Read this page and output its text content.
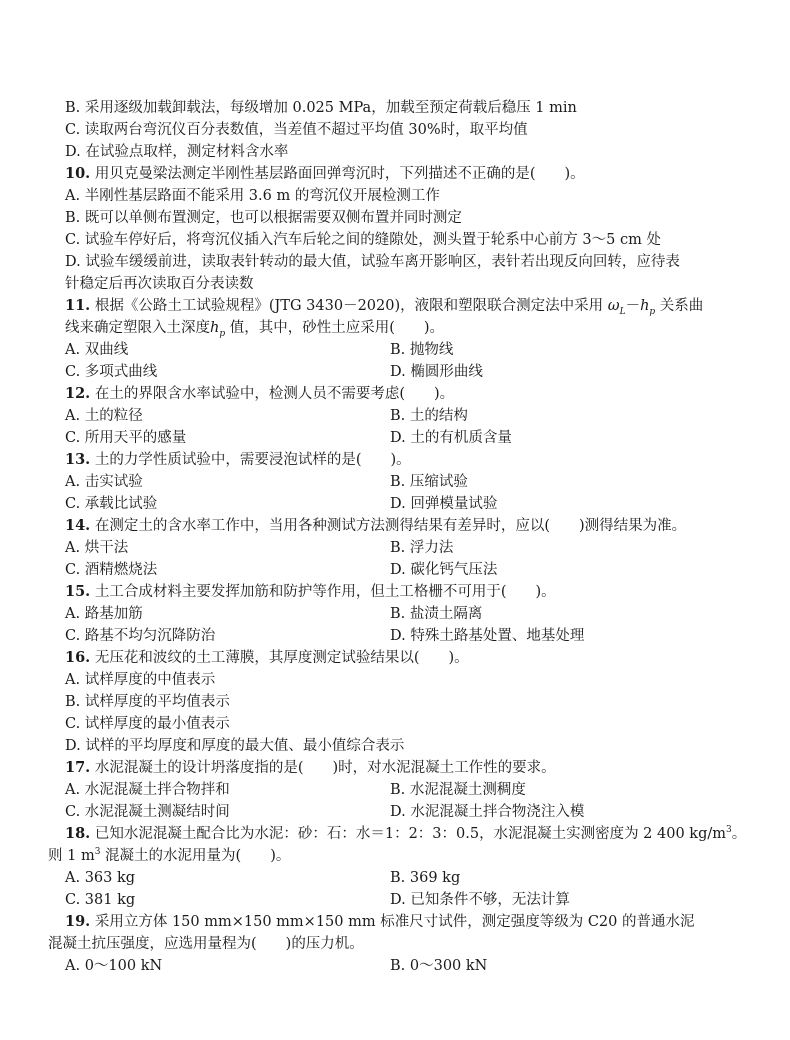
B. 采用逐级加载卸载法，每级增加 0.025 MPa，加载至预定荷载后稳压 1 min
C. 读取两台弯沉仪百分表数值，当差值不超过平均值 30%时，取平均值
D. 在试验点取样，测定材料含水率
10. 用贝克曼梁法测定半刚性基层路面回弹弯沉时，下列描述不正确的是(　　)。
A. 半刚性基层路面不能采用 3.6 m 的弯沉仪开展检测工作
B. 既可以单侧布置测定，也可以根据需要双侧布置并同时测定
C. 试验车停好后，将弯沉仪插入汽车后轮之间的缝隙处，测头置于轮系中心前方 3～5 cm 处
D. 试验车缓缓前进，读取表针转动的最大值，试验车离开影响区，表针若出现反向回转，应待表
针稳定后再次读取百分表读数
11. 根据《公路土工试验规程》(JTG 3430－2020)，液限和塑限联合测定法中采用 $\omega_L-h_p$ 关系曲
线来确定塑限入土深度$h_p$ 值，其中，砂性土应采用(　　)。
A. 双曲线	B. 抛物线
C. 多项式曲线	D. 椭圆形曲线
12. 在土的界限含水率试验中，检测人员不需要考虑(　　)。
A. 土的粒径	B. 土的结构
C. 所用天平的感量	D. 土的有机质含量
13. 土的力学性质试验中，需要浸泡试样的是(　　)。
A. 击实试验	B. 压缩试验
C. 承载比试验	D. 回弹模量试验
14. 在测定土的含水率工作中，当用各种测试方法测得结果有差异时，应以(　　)测得结果为准。
A. 烘干法	B. 浮力法
C. 酒精燃烧法	D. 碳化钙气压法
15. 土工合成材料主要发挥加筋和防护等作用，但土工格栅不可用于(　　)。
A. 路基加筋	B. 盐渍土隔离
C. 路基不均匀沉降防治	D. 特殊土路基处置、地基处理
16. 无压花和波纹的土工薄膜，其厚度测定试验结果以(　　)。
A. 试样厚度的中值表示
B. 试样厚度的平均值表示
C. 试样厚度的最小值表示
D. 试样的平均厚度和厚度的最大值、最小值综合表示
17. 水泥混凝土的设计坍落度指的是(　　)时，对水泥混凝土工作性的要求。
A. 水泥混凝土拌合物拌和	B. 水泥混凝土测稠度
C. 水泥混凝土测凝结时间	D. 水泥混凝土拌合物浇注入模
18. 已知水泥混凝土配合比为水泥：砂：石：水＝1：2：3：0.5，水泥混凝土实测密度为 2 400 $kg/m^3$。
则 1 $m^3$ 混凝土的水泥用量为(　　)。
A. 363 kg	B. 369 kg
C. 381 kg	D. 已知条件不够，无法计算
19. 采用立方体 150 mm×150 mm×150 mm 标准尺寸试件，测定强度等级为 C20 的普通水泥
混凝土抗压强度，应选用量程为(　　)的压力机。
A. 0～100 kN	B. 0～300 kN
